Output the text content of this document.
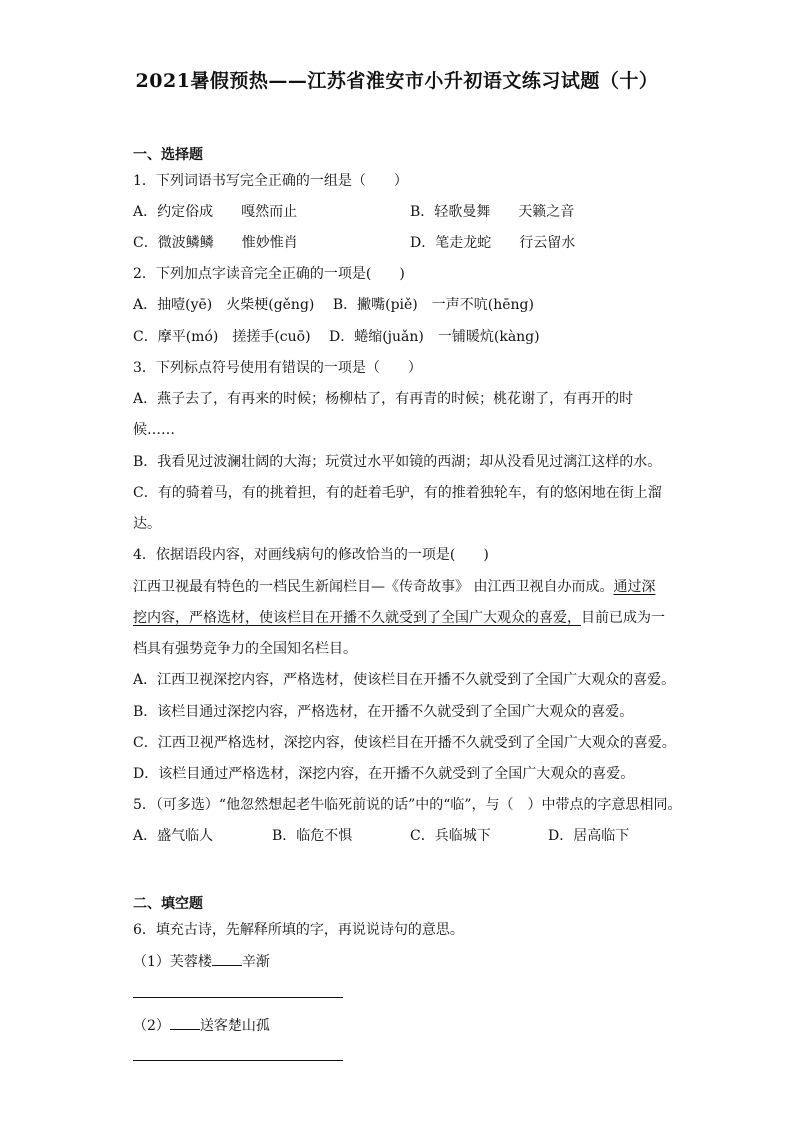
2021暑假预热——江苏省淮安市小升初语文练习试题（十）
一、选择题
1．下列词语书写完全正确的一组是（　　）
A．约定俗成　　嘎然而止	B．轻歌曼舞　　天籁之音
C．微波鳞鳞　　惟妙惟肖	D．笔走龙蛇　　行云留水
2．下列加点字读音完全正确的一项是(　　)
A．抽噎(yē)　火柴梗(gěng)　 B．撇嘴(piě)　一声不吭(hēng)
C．摩平(mó)　搓搓手(cuō)　 D．蜷缩(juǎn)　一铺暖炕(kàng)
3．下列标点符号使用有错误的一项是（　　）
A．燕子去了，有再来的时候；杨柳枯了，有再青的时候；桃花谢了，有再开的时
候……
B．我看见过波澜壮阔的大海；玩赏过水平如镜的西湖；却从没看见过漓江这样的水。
C．有的骑着马，有的挑着担，有的赶着毛驴，有的推着独轮车，有的悠闲地在街上溜
达。
4．依据语段内容，对画线病句的修改恰当的一项是(　　)
江西卫视最有特色的一档民生新闻栏目—《传奇故事》 由江西卫视自办而成。通过深
挖内容，严格选材，使该栏目在开播不久就受到了全国广大观众的喜爱，目前已成为一
档具有强势竞争力的全国知名栏目。
A．江西卫视深挖内容，严格选材，使该栏目在开播不久就受到了全国广大观众的喜爱。
B．该栏目通过深挖内容，严格选材，在开播不久就受到了全国广大观众的喜爱。
C．江西卫视严格选材，深挖内容，使该栏目在开播不久就受到了全国广大观众的喜爱。
D．该栏目通过严格选材，深挖内容，在开播不久就受到了全国广大观众的喜爱。
5．（可多选）“他忽然想起老牛临死前说的话”中的“临”，与（　）中带点的字意思相同。
A．盛气临人	B．临危不惧	C．兵临城下	D．居高临下
二、填空题
6．填充古诗，先解释所填的字，再说说诗句的意思。
（1）芙蓉楼 辛渐
（2） 送客楚山孤
